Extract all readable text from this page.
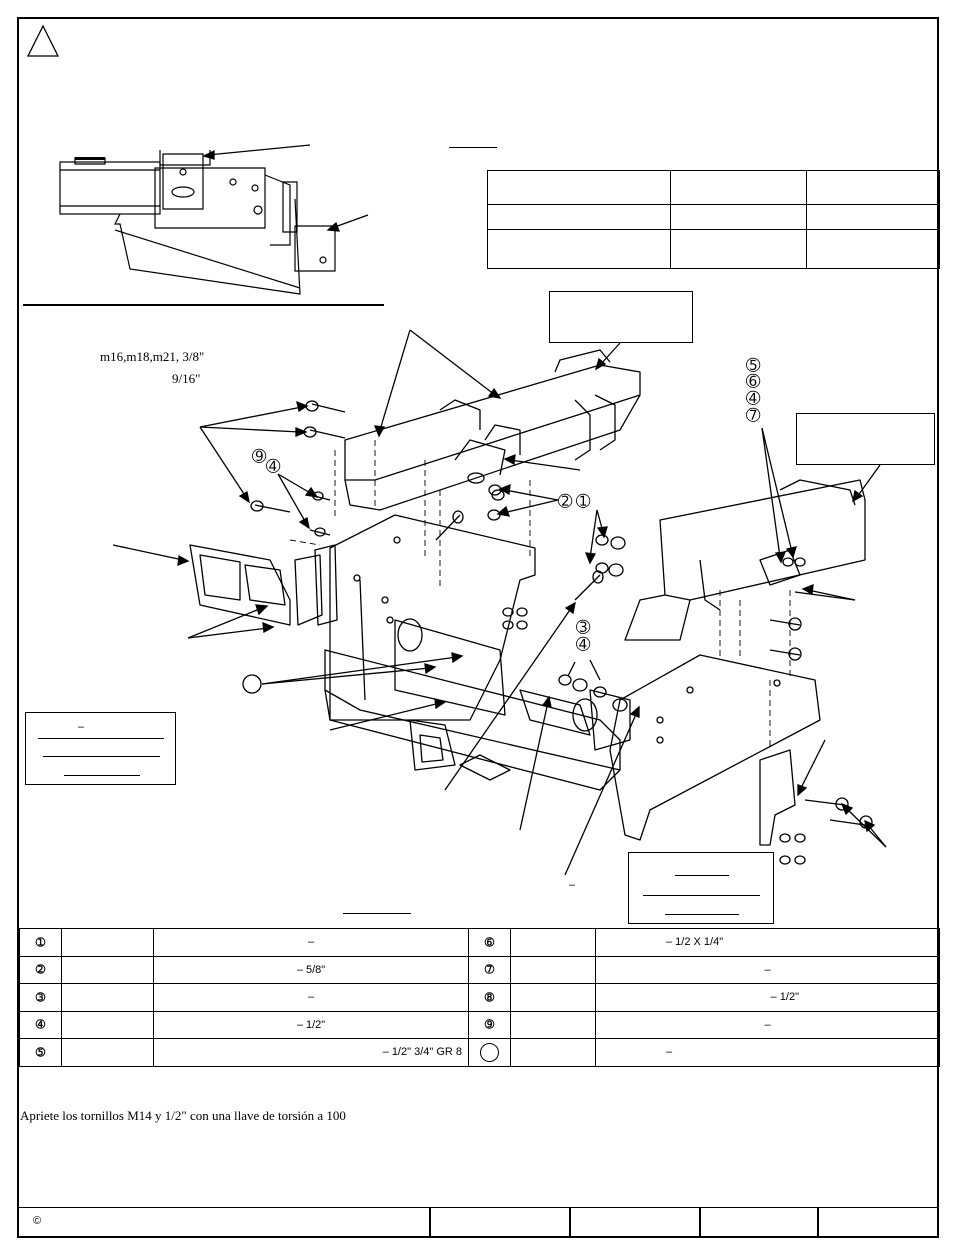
m16,m18,m21, 3/8"
9/16"
–
–
➄
➅
➃
➆
➈ ➃
➁ ➀
➂
➃
➀		–	➅		– 1/2 X 1/4"
➁		– 5/8"	➆		–
➂		–	➇		– 1/2"
➃		– 1/2"	➈		–
➄		– 1/2" 3/4" GR 8			–
Apriete los tornillos M14 y 1/2" con una llave de torsión a 100
©
